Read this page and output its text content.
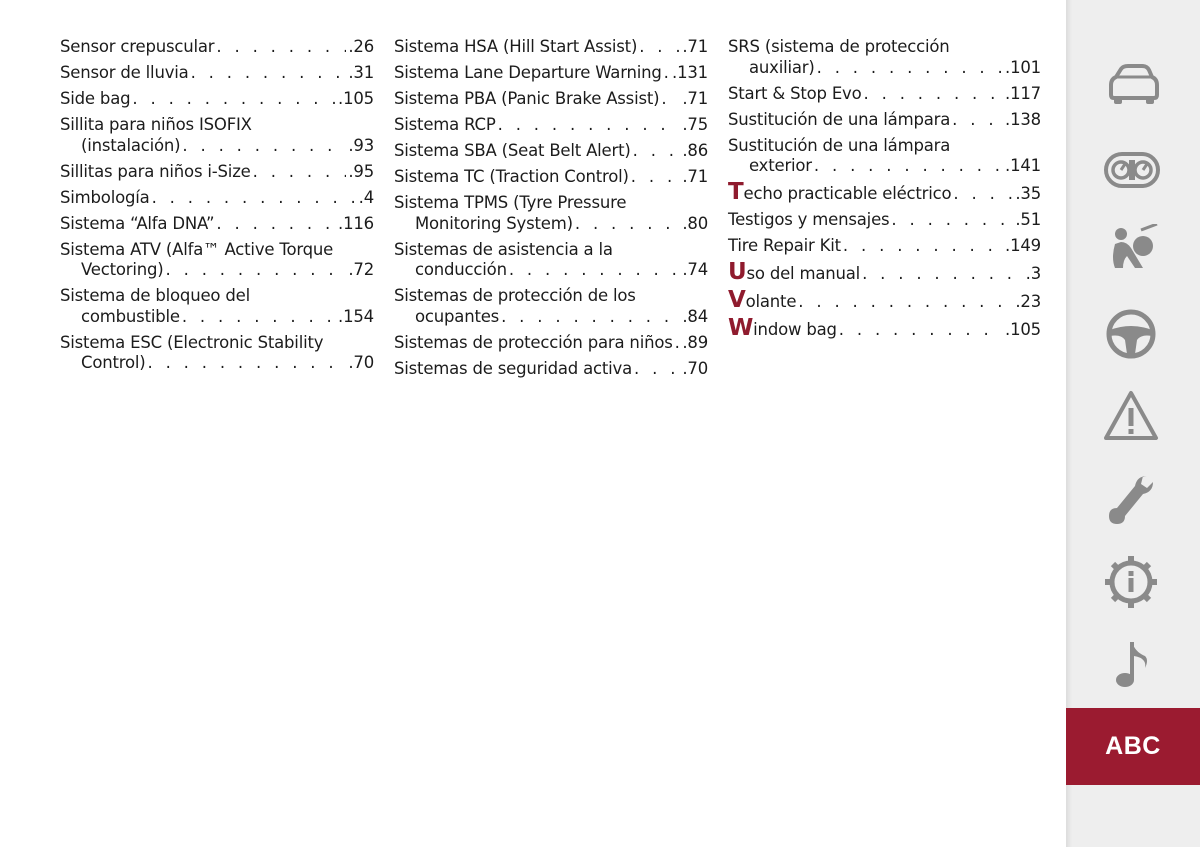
Sensor crepuscular . . .	.26
Sensor de lluvia . . .	.31
Side bag . . .	.105
Sillita para niños ISOFIX
(instalación) . . .	.93
Sillitas para niños i-Size . . .	.95
Simbología . . .	.4
Sistema “Alfa DNA” . . .	.116
Sistema ATV (Alfa™ Active Torque
Vectoring) . . .	.72
Sistema de bloqueo del
combustible . . .	.154
Sistema ESC (Electronic Stability
Control) . . .	.70
Sistema HSA (Hill Start Assist) . . .	.71
Sistema Lane Departure Warning . . . .131
Sistema PBA (Panic Brake Assist) . . . .71
Sistema RCP . . .	.75
Sistema SBA (Seat Belt Alert) . . .	.86
Sistema TC (Traction Control) . . .	.71
Sistema TPMS (Tyre Pressure
Monitoring System) . . .	.80
Sistemas de asistencia a la
conducción . . .	.74
Sistemas de protección de los
ocupantes . . .	.84
Sistemas de protección para niños . . . .89
Sistemas de seguridad activa . . .	.70
SRS (sistema de protección
auxiliar) . . .	.101
Start & Stop Evo . . .	.117
Sustitución de una lámpara . . .	.138
Sustitución de una lámpara
exterior . . .	.141
Techo practicable eléctrico . . .	.35
Testigos y mensajes . . .	.51
Tire Repair Kit . . .	.149
Uso del manual . . .	.3
Volante . . .	.23
Window bag . . .	.105
ABC
